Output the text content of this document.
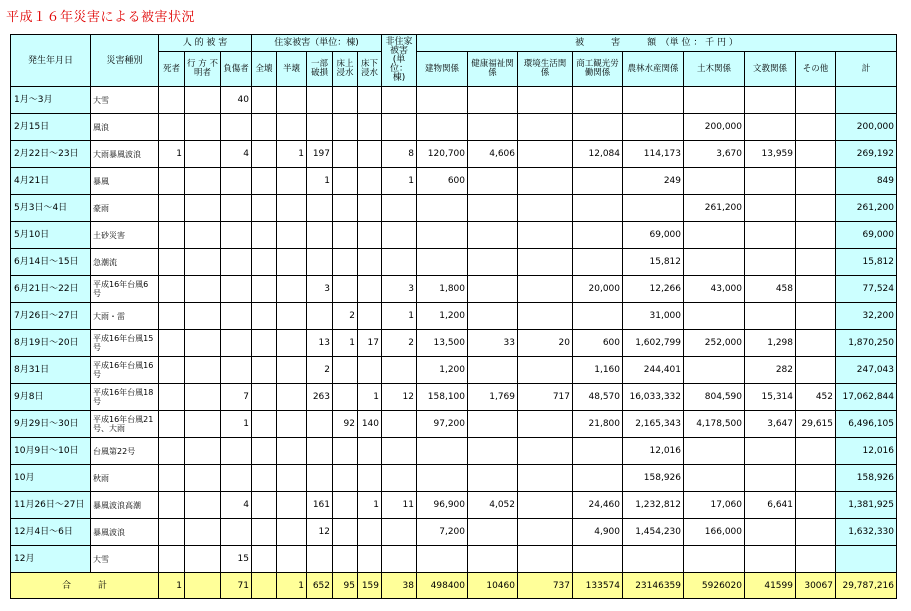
平成１６年災害による被害状況
発生年月日	災害種別	人 的 被 害			住家被害（単位：棟)					非住家被害(単位：棟)	被　　　害　　　額　（単 位 ： 千 円 ）								
		死者	行 方 不明者	負傷者	全壊	半壊	一部破損	床上浸水	床下浸水		建物関係	健康福祉関係	環境生活関係	商工観光労働関係	農林水産関係	土木関係	文教関係	その他	計
1月～3月	大雪			40															
2月15日	風浪															200,000			200,000
2月22日～23日	大雨暴風波浪	1		4		1	197			8	120,700	4,606		12,084	114,173	3,670	13,959		269,192
4月21日	暴風						1			1	600				249				849
5月3日～4日	豪雨															261,200			261,200
5月10日	土砂災害														69,000				69,000
6月14日～15日	急潮流														15,812				15,812
6月21日～22日	平成16年台風6号						3			3	1,800			20,000	12,266	43,000	458		77,524
7月26日～27日	大雨・雷							2		1	1,200				31,000				32,200
8月19日～20日	平成16年台風15号						13	1	17	2	13,500	33	20	600	1,602,799	252,000	1,298		1,870,250
8月31日	平成16年台風16号						2				1,200			1,160	244,401		282		247,043
9月8日	平成16年台風18号			7			263		1	12	158,100	1,769	717	48,570	16,033,332	804,590	15,314	452	17,062,844
9月29日～30日	平成16年台風21号、大雨			1				92	140		97,200			21,800	2,165,343	4,178,500	3,647	29,615	6,496,105
10月9日～10日	台風第22号														12,016				12,016
10月	秋雨														158,926				158,926
11月26日～27日	暴風波浪高潮			4			161		1	11	96,900	4,052		24,460	1,232,812	17,060	6,641		1,381,925
12月4日～6日	暴風波浪						12				7,200			4,900	1,454,230	166,000			1,632,330
12月	大雪			15															
合　　　計		1		71		1	652	95	159	38	498400	10460	737	133574	23146359	5926020	41599	30067	29,787,216
